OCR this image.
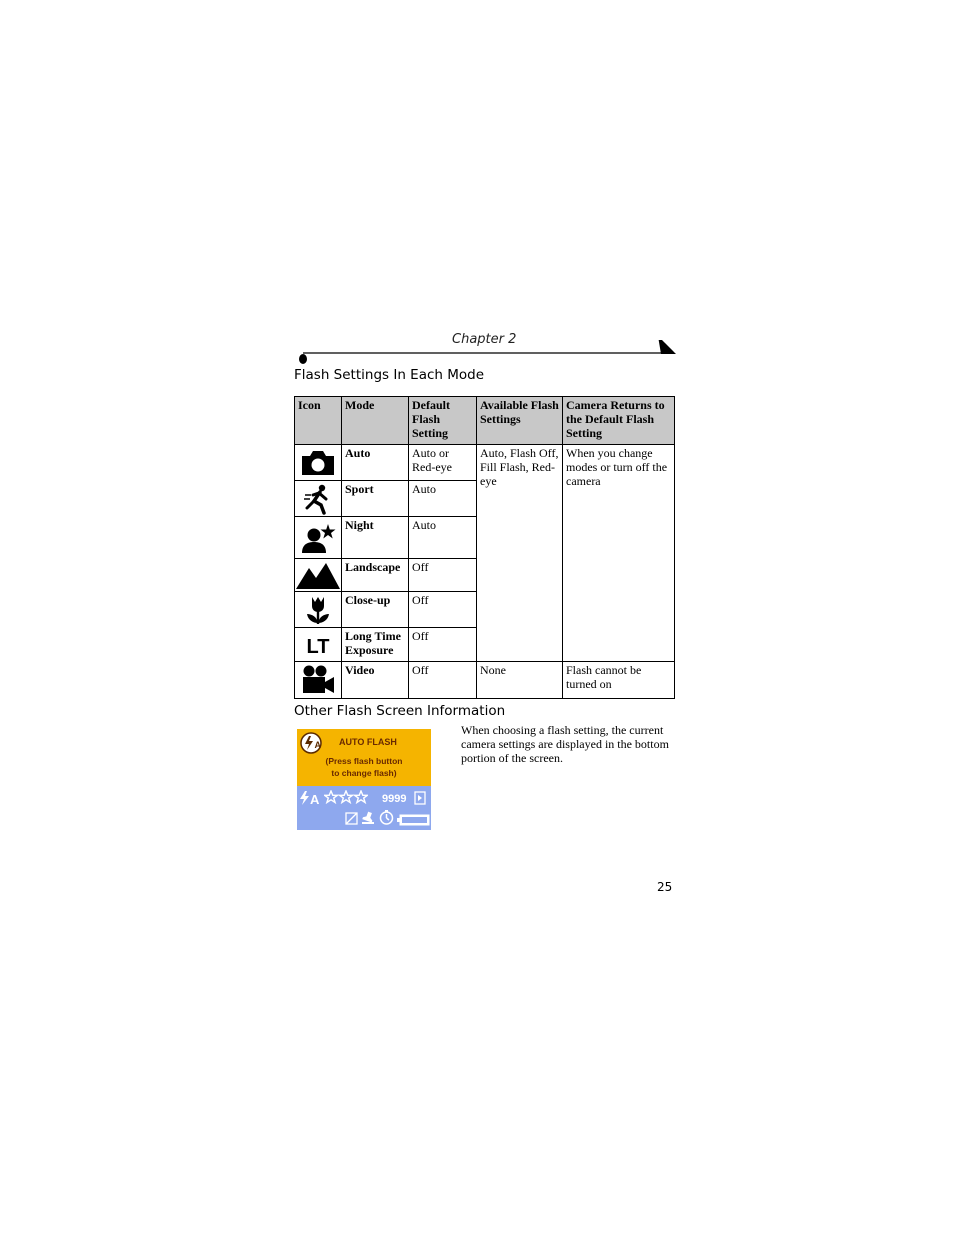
Chapter 2
Flash Settings In Each Mode
Icon	Mode	Default Flash Setting	Available Flash Settings	Camera Returns to the Default Flash Setting

	Auto	Auto or Red-eye	Auto, Flash Off, Fill Flash, Red-eye	When you change modes or turn off the camera

	Sport	Auto		

	Night	Auto		

	Landscape	Off		

	Close-up	Off		

LT	Long Time Exposure	Off		

	Video	Off	None	Flash cannot be turned on
Other Flash Screen Information
A AUTO FLASH
(Press flash button
to change flash)
A	9999
When choosing a flash setting, the current camera settings are displayed in the bottom portion of the screen.
25
